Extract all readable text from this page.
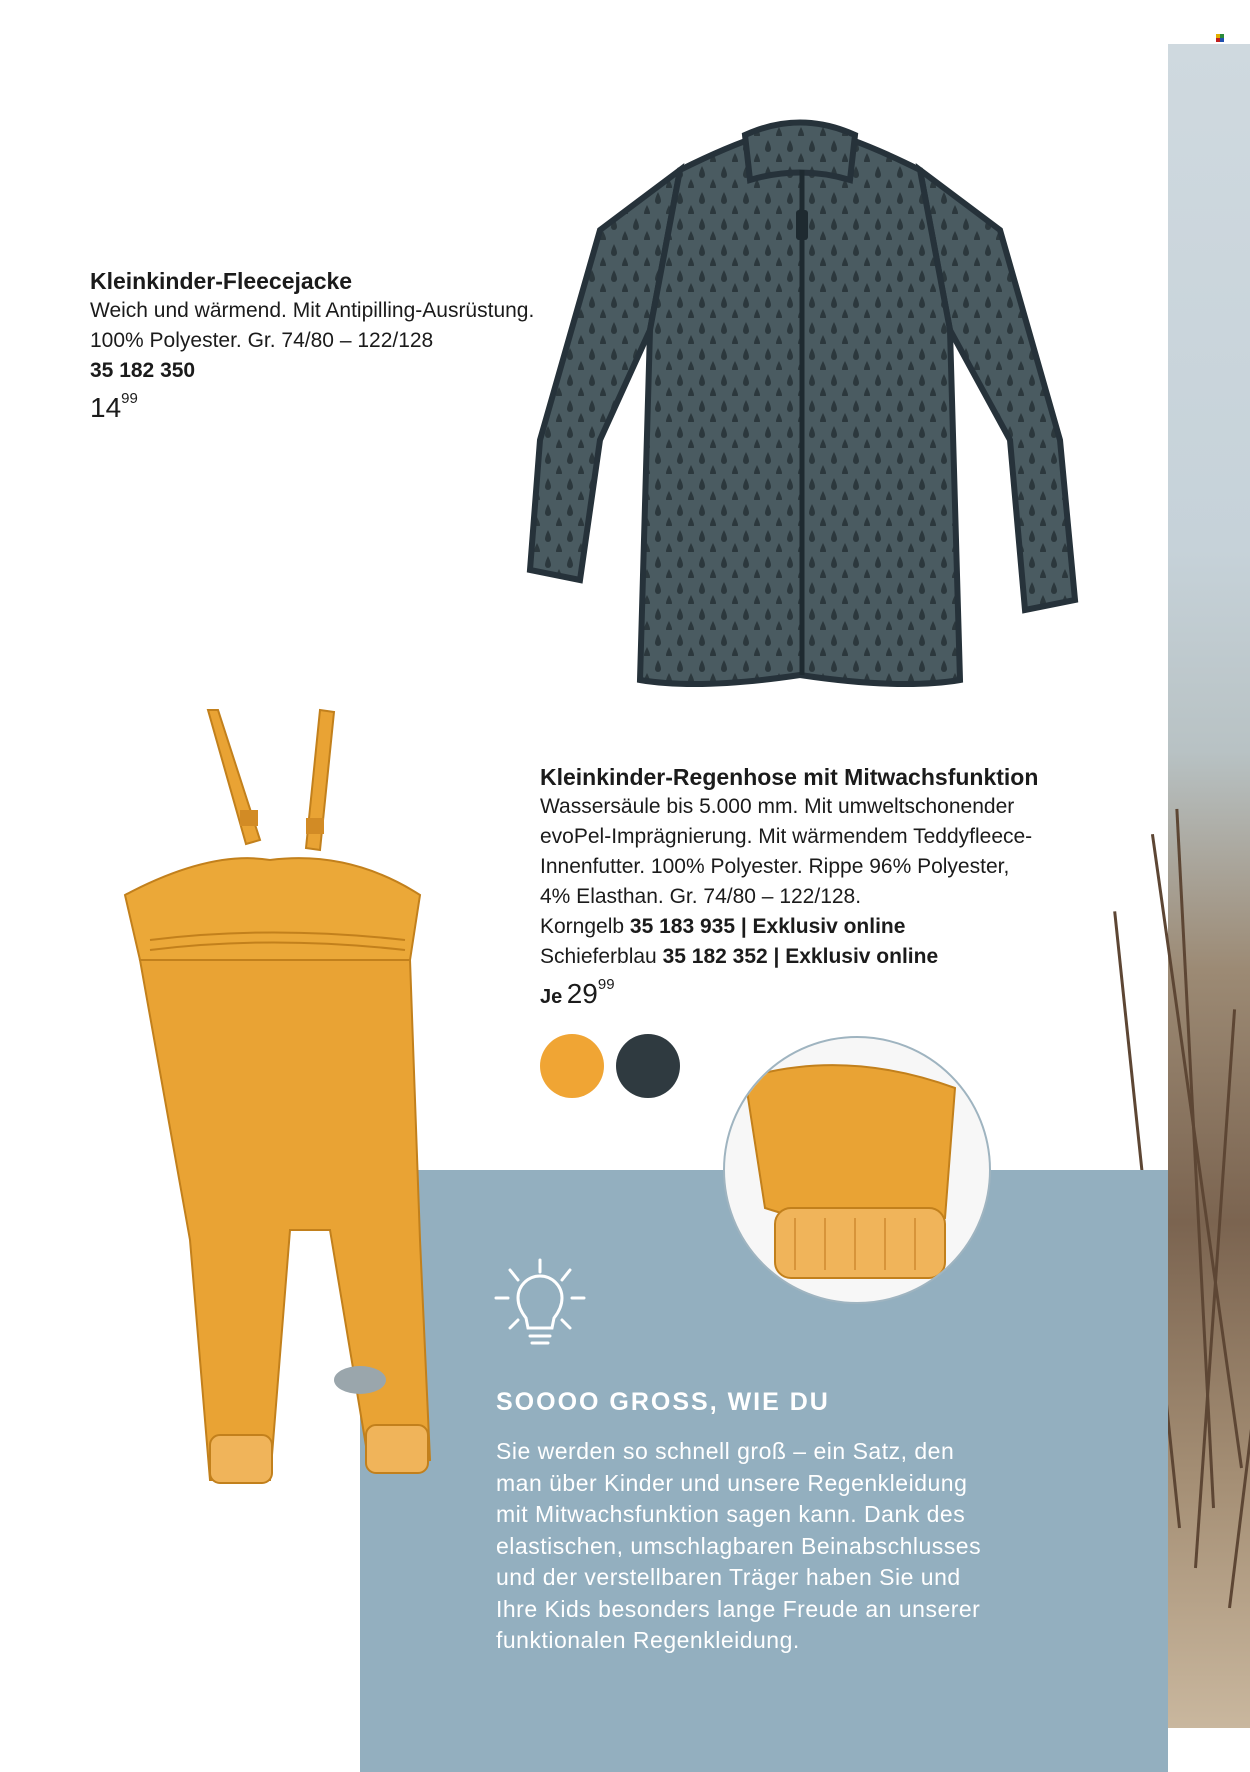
Kleinkinder-Fleecejacke
Weich und wärmend. Mit Antipilling-Ausrüstung.
100% Polyester. Gr. 74/80 – 122/128
35 182 350
1499
Kleinkinder-Regenhose mit Mitwachsfunktion
Wassersäule bis 5.000 mm. Mit umweltschonender
evoPel-Imprägnierung. Mit wärmendem Teddyfleece-
Innenfutter. 100% Polyester. Rippe 96% Polyester,
4% Elasthan. Gr. 74/80 – 122/128.
Korngelb 35 183 935 | Exklusiv online
Schieferblau 35 182 352 | Exklusiv online
Je 2999
SOOOO GROSS, WIE DU

Sie werden so schnell groß – ein Satz, den

man über Kinder und unsere Regenkleidung

mit Mitwachsfunktion sagen kann. Dank des

elastischen, umschlagbaren Beinabschlusses

und der verstellbaren Träger haben Sie und

Ihre Kids besonders lange Freude an unserer

funktionalen Regenkleidung.
